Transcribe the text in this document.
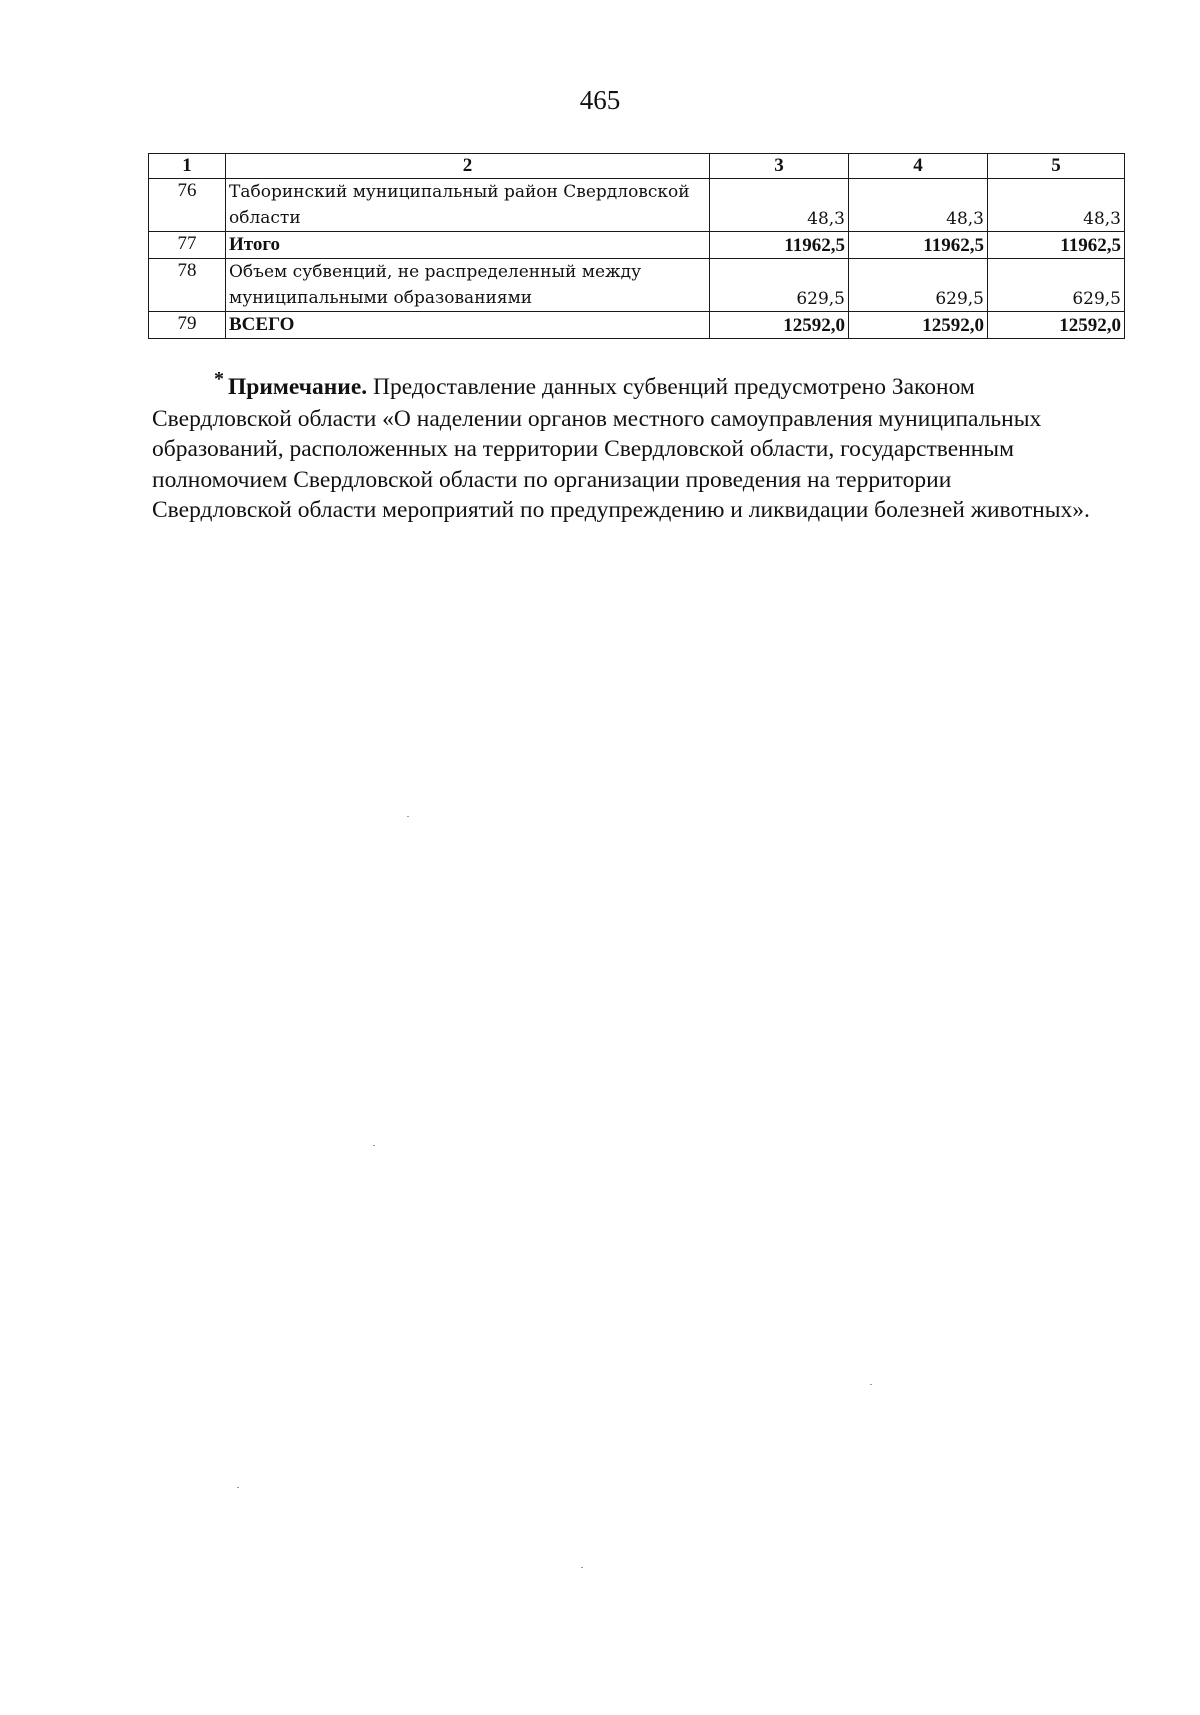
465
1	2	3	4	5
76	Таборинский муниципальный район Свердловской области	48,3	48,3	48,3
77	Итого	11962,5	11962,5	11962,5
78	Объем субвенций, не распределенный между муниципальными образованиями	629,5	629,5	629,5
79	ВСЕГО	12592,0	12592,0	12592,0
* Примечание. Предоставление данных субвенций предусмотрено Законом Свердловской области «О наделении органов местного самоуправления муниципальных образований, расположенных на территории Свердловской области, государственным полномочием Свердловской области по организации проведения на территории Свердловской области мероприятий по предупреждению и ликвидации болезней животных».
